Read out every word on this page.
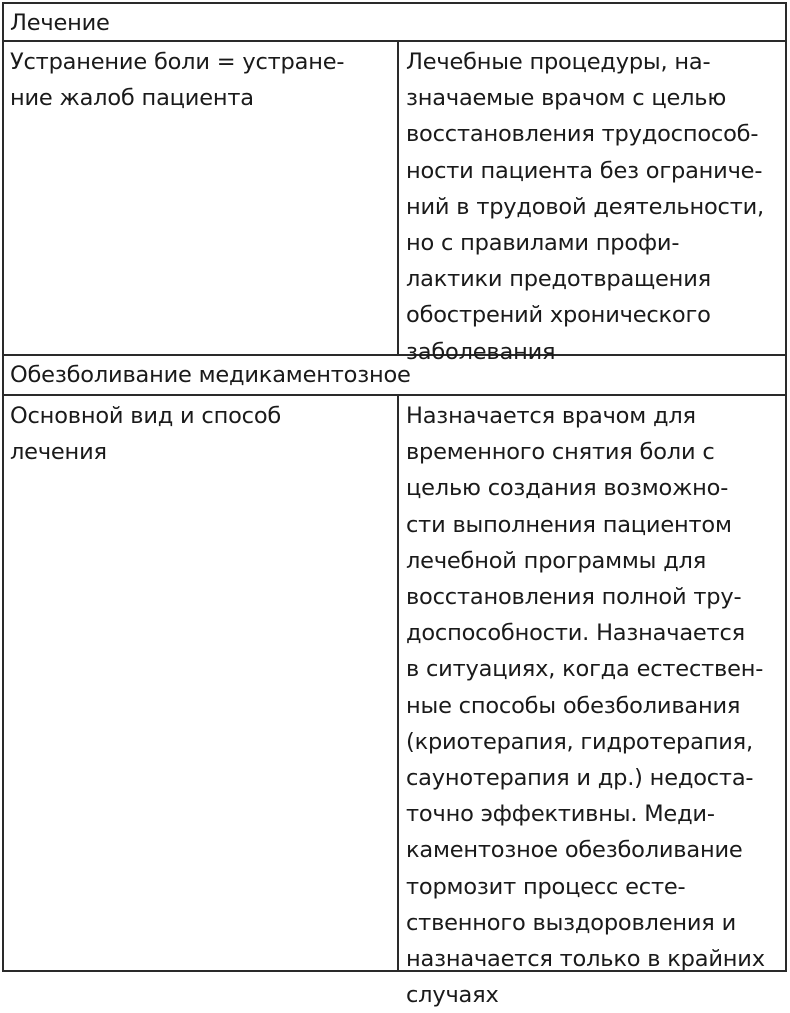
Лечение
Устранение боли = устране-
ние жалоб пациента
Лечебные процедуры, на-
значаемые врачом с целью
восстановления трудоспособ-
ности пациента без ограниче-
ний в трудовой деятельности,
но с правилами профи-
лактики предотвращения
обострений хронического
заболевания
Обезболивание медикаментозное
Основной вид и способ
лечения
Назначается врачом для
временного снятия боли с
целью создания возможно-
сти выполнения пациентом
лечебной программы для
восстановления полной тру-
доспособности. Назначается
в ситуациях, когда естествен-
ные способы обезболивания
(криотерапия, гидротерапия,
саунотерапия и др.) недоста-
точно эффективны. Меди-
каментозное обезболивание
тормозит процесс есте-
ственного выздоровления и
назначается только в крайних
случаях
